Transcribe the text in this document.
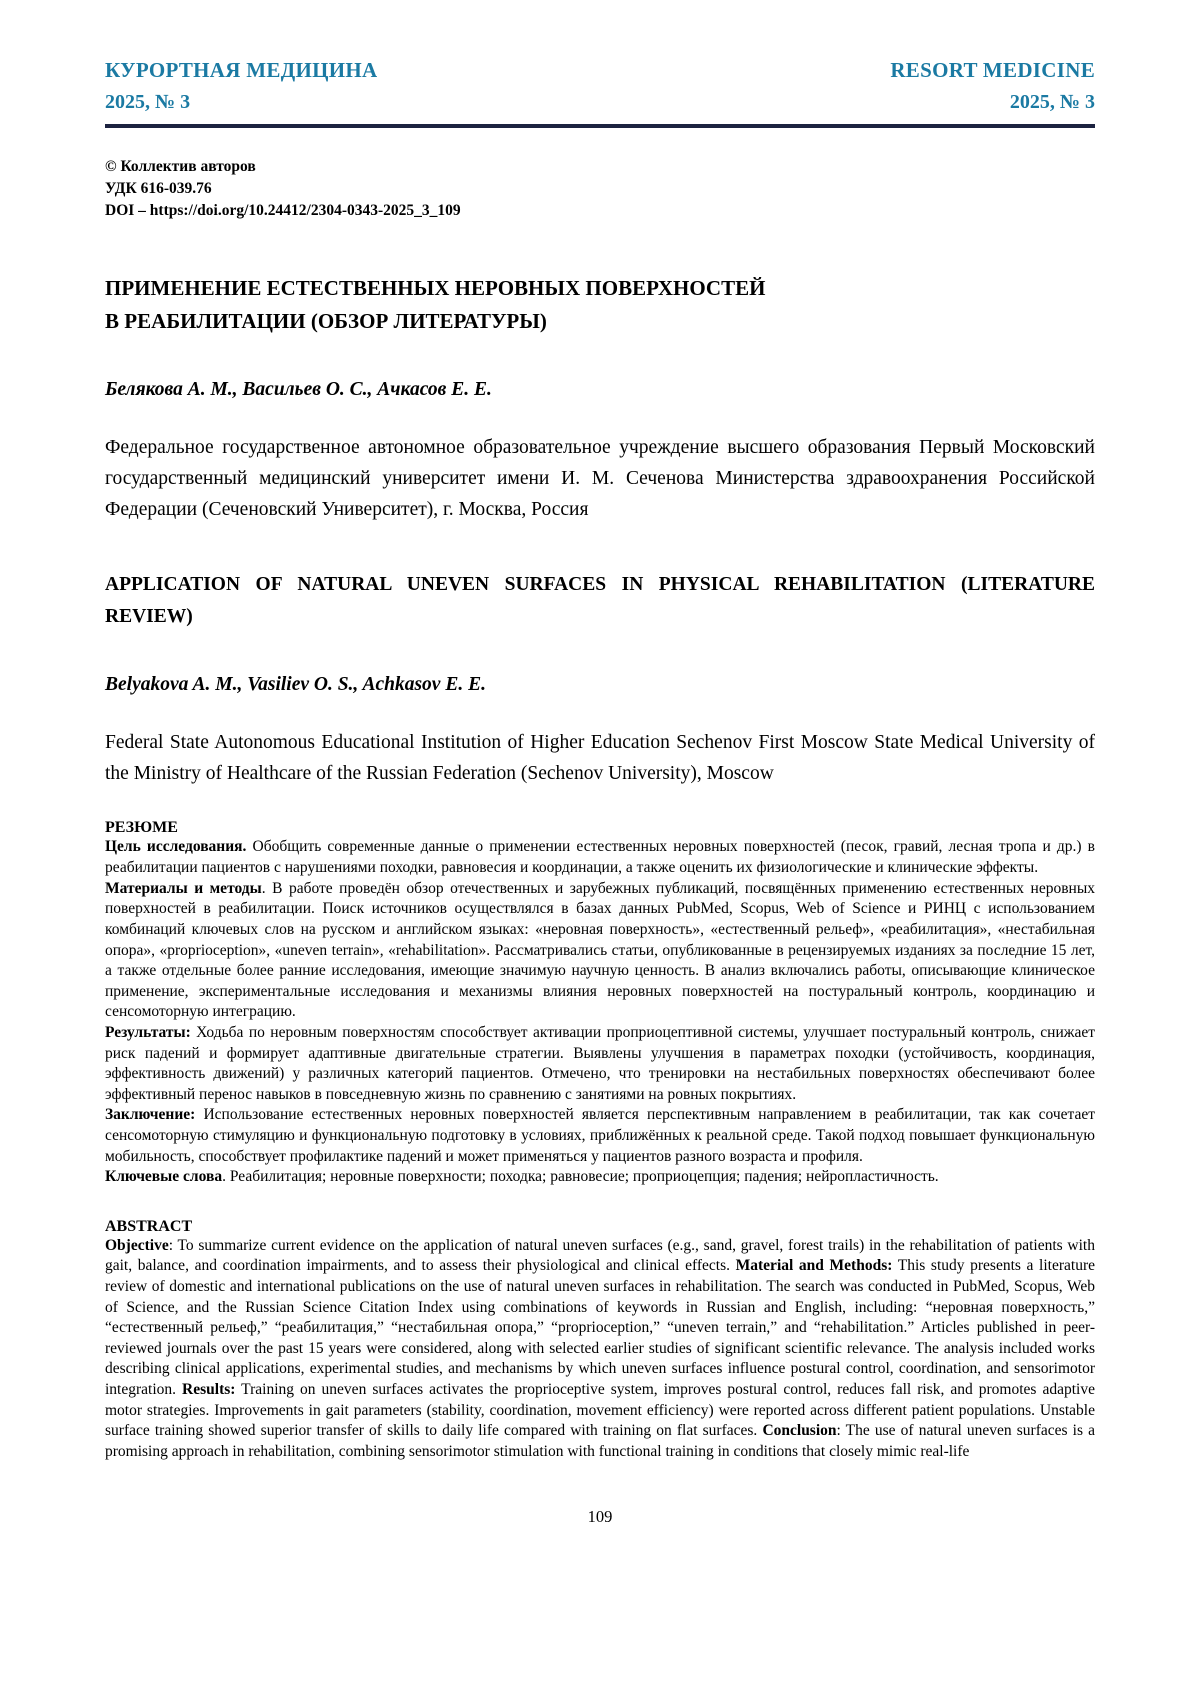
КУРОРТНАЯ МЕДИЦИНА
2025, № 3
RESORT MEDICINE
2025, № 3
© Коллектив авторов
УДК 616-039.76
DOI – https://doi.org/10.24412/2304-0343-2025_3_109
ПРИМЕНЕНИЕ ЕСТЕСТВЕННЫХ НЕРОВНЫХ ПОВЕРХНОСТЕЙ
В РЕАБИЛИТАЦИИ (ОБЗОР ЛИТЕРАТУРЫ)

Белякова А. М., Васильев О. С., Ачкасов Е. Е.

Федеральное государственное автономное образовательное учреждение высшего образования Первый Московский государственный медицинский университет имени И. М. Сеченова Министерства здравоохранения Российской Федерации (Сеченовский Университет), г. Москва, Россия

APPLICATION OF NATURAL UNEVEN SURFACES IN PHYSICAL REHABILITATION (LITERATURE REVIEW)

Belyakova A. M., Vasiliev O. S., Achkasov E. E.

Federal State Autonomous Educational Institution of Higher Education Sechenov First Moscow State Medical University of the Ministry of Healthcare of the Russian Federation (Sechenov University), Moscow

РЕЗЮМЕ

Цель исследования. Обобщить современные данные о применении естественных неровных поверхностей (песок, гравий, лесная тропа и др.) в реабилитации пациентов с нарушениями походки, равновесия и координации, а также оценить их физиологические и клинические эффекты.

Материалы и методы. В работе проведён обзор отечественных и зарубежных публикаций, посвящённых применению естественных неровных поверхностей в реабилитации. Поиск источников осуществлялся в базах данных PubMed, Scopus, Web of Science и РИНЦ с использованием комбинаций ключевых слов на русском и английском языках: «неровная поверхность», «естественный рельеф», «реабилитация», «нестабильная опора», «proprioception», «uneven terrain», «rehabilitation». Рассматривались статьи, опубликованные в рецензируемых изданиях за последние 15 лет, а также отдельные более ранние исследования, имеющие значимую научную ценность. В анализ включались работы, описывающие клиническое применение, экспериментальные исследования и механизмы влияния неровных поверхностей на постуральный контроль, координацию и сенсомоторную интеграцию.

Результаты: Ходьба по неровным поверхностям способствует активации проприоцептивной системы, улучшает постуральный контроль, снижает риск падений и формирует адаптивные двигательные стратегии. Выявлены улучшения в параметрах походки (устойчивость, координация, эффективность движений) у различных категорий пациентов. Отмечено, что тренировки на нестабильных поверхностях обеспечивают более эффективный перенос навыков в повседневную жизнь по сравнению с занятиями на ровных покрытиях.

Заключение: Использование естественных неровных поверхностей является перспективным направлением в реабилитации, так как сочетает сенсомоторную стимуляцию и функциональную подготовку в условиях, приближённых к реальной среде. Такой подход повышает функциональную мобильность, способствует профилактике падений и может применяться у пациентов разного возраста и профиля.

Ключевые слова. Реабилитация; неровные поверхности; походка; равновесие; проприоцепция; падения; нейропластичность.

ABSTRACT

Objective: To summarize current evidence on the application of natural uneven surfaces (e.g., sand, gravel, forest trails) in the rehabilitation of patients with gait, balance, and coordination impairments, and to assess their physiological and clinical effects. Material and Methods: This study presents a literature review of domestic and international publications on the use of natural uneven surfaces in rehabilitation. The search was conducted in PubMed, Scopus, Web of Science, and the Russian Science Citation Index using combinations of keywords in Russian and English, including: “неровная поверхность,” “естественный рельеф,” “реабилитация,” “нестабильная опора,” “proprioception,” “uneven terrain,” and “rehabilitation.” Articles published in peer-reviewed journals over the past 15 years were considered, along with selected earlier studies of significant scientific relevance. The analysis included works describing clinical applications, experimental studies, and mechanisms by which uneven surfaces influence postural control, coordination, and sensorimotor integration. Results: Training on uneven surfaces activates the proprioceptive system, improves postural control, reduces fall risk, and promotes adaptive motor strategies. Improvements in gait parameters (stability, coordination, movement efficiency) were reported across different patient populations. Unstable surface training showed superior transfer of skills to daily life compared with training on flat surfaces. Conclusion: The use of natural uneven surfaces is a promising approach in rehabilitation, combining sensorimotor stimulation with functional training in conditions that closely mimic real-life

109
